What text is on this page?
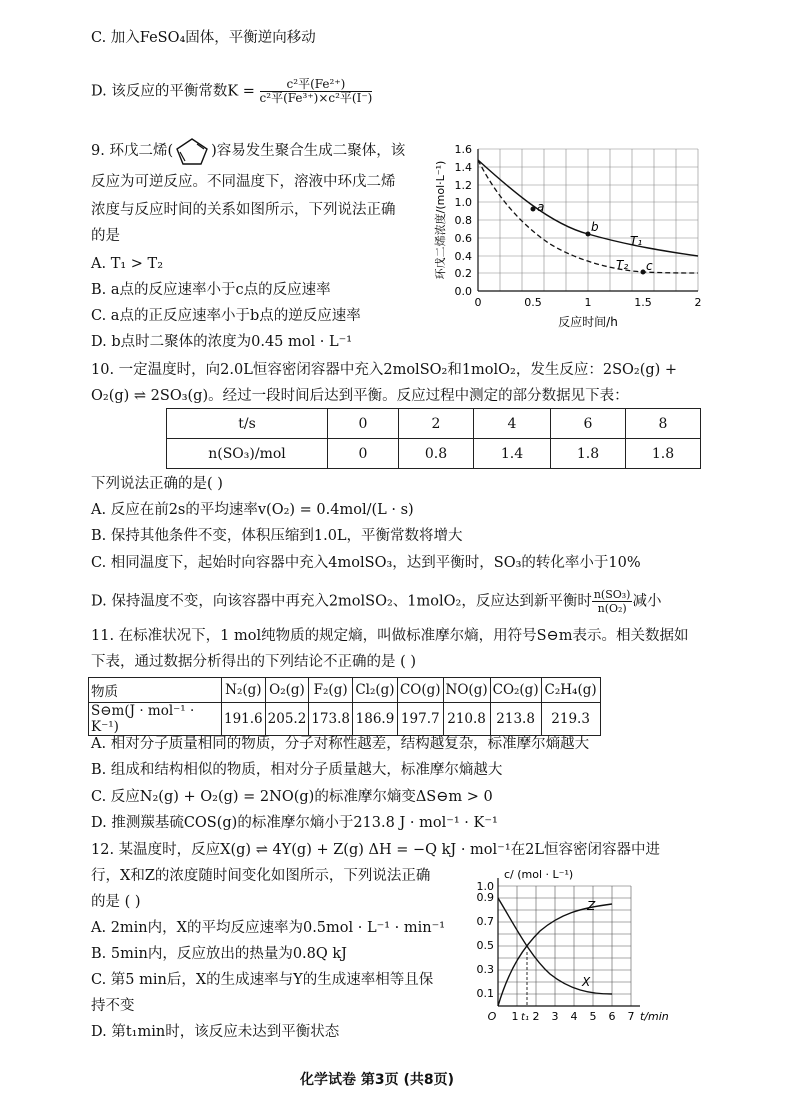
C. 加入FeSO₄固体，平衡逆向移动
D. 该反应的平衡常数$K = \frac{\text{c²平(Fe²⁺)}}{\text{c²平(Fe³⁺)×c²平(I⁻)}}$
9. 环戊二烯(	)容易发生聚合生成二聚体，该
反应为可逆反应。不同温度下，溶液中环戊二烯
浓度与反应时间的关系如图所示，下列说法正确
的是
A. T₁ > T₂
B. a点的反应速率小于c点的反应速率
C. a点的正反应速率小于b点的逆反应速率
D. b点时二聚体的浓度为0.45 mol · L⁻¹
0.0
0.2
0.4
0.6
0.8
1.0
1.2
1.4
1.6
0	0.5	1	1.5	2
反应时间/h
环戊二烯浓度/(mol·L⁻¹)	a
b
c
T₁
T₂
10. 一定温度时，向2.0L恒容密闭容器中充入2molSO₂和1molO₂，发生反应：2SO₂(g) +
O₂(g) ⇌ 2SO₃(g)。经过一段时间后达到平衡。反应过程中测定的部分数据见下表：
t/s	0	2	4	6	8
n(SO₃)/mol	0	0.8	1.4	1.8	1.8
下列说法正确的是( )
A. 反应在前2s的平均速率v(O₂) = 0.4mol/(L · s)
B. 保持其他条件不变，体积压缩到1.0L，平衡常数将增大
C. 相同温度下，起始时向容器中充入4molSO₃，达到平衡时，SO₃的转化率小于10%
D. 保持温度不变，向该容器中再充入2molSO₂、1molO₂，反应达到新平衡时 $\frac{\text{n(SO₃)}}{\text{n(O₂)}}$ 减小
11. 在标准状况下，1 mol纯物质的规定熵，叫做标准摩尔熵，用符号S⊖m表示。相关数据如
下表，通过数据分析得出的下列结论不正确的是 ( )
物质	N₂(g)	O₂(g)	F₂(g)	Cl₂(g)	CO(g)	NO(g)	CO₂(g)	C₂H₄(g)
S⊖m(J · mol⁻¹ · K⁻¹)	191.6	205.2	173.8	186.9	197.7	210.8	213.8	219.3
A. 相对分子质量相同的物质，分子对称性越差，结构越复杂，标准摩尔熵越大
B. 组成和结构相似的物质，相对分子质量越大，标准摩尔熵越大
C. 反应N₂(g) + O₂(g) = 2NO(g)的标准摩尔熵变ΔS⊖m > 0
D. 推测羰基硫COS(g)的标准摩尔熵小于213.8 J · mol⁻¹ · K⁻¹
12. 某温度时，反应X(g) ⇌ 4Y(g) + Z(g) ΔH = −Q kJ · mol⁻¹在2L恒容密闭容器中进
行，X和Z的浓度随时间变化如图所示，下列说法正确
的是 ( )
A. 2min内，X的平均反应速率为0.5mol · L⁻¹ · min⁻¹
B. 5min内，反应放出的热量为0.8Q kJ
C. 第5 min后，X的生成速率与Y的生成速率相等且保
持不变
D. 第t₁min时，该反应未达到平衡状态
c/ (mol · L⁻¹)
0.1
0.3
0.5
0.7
0.9
1.0
O 1 t₁ 2 3 4 5 6 7 t/min
Z
X
化学试卷 第3页 (共8页)
